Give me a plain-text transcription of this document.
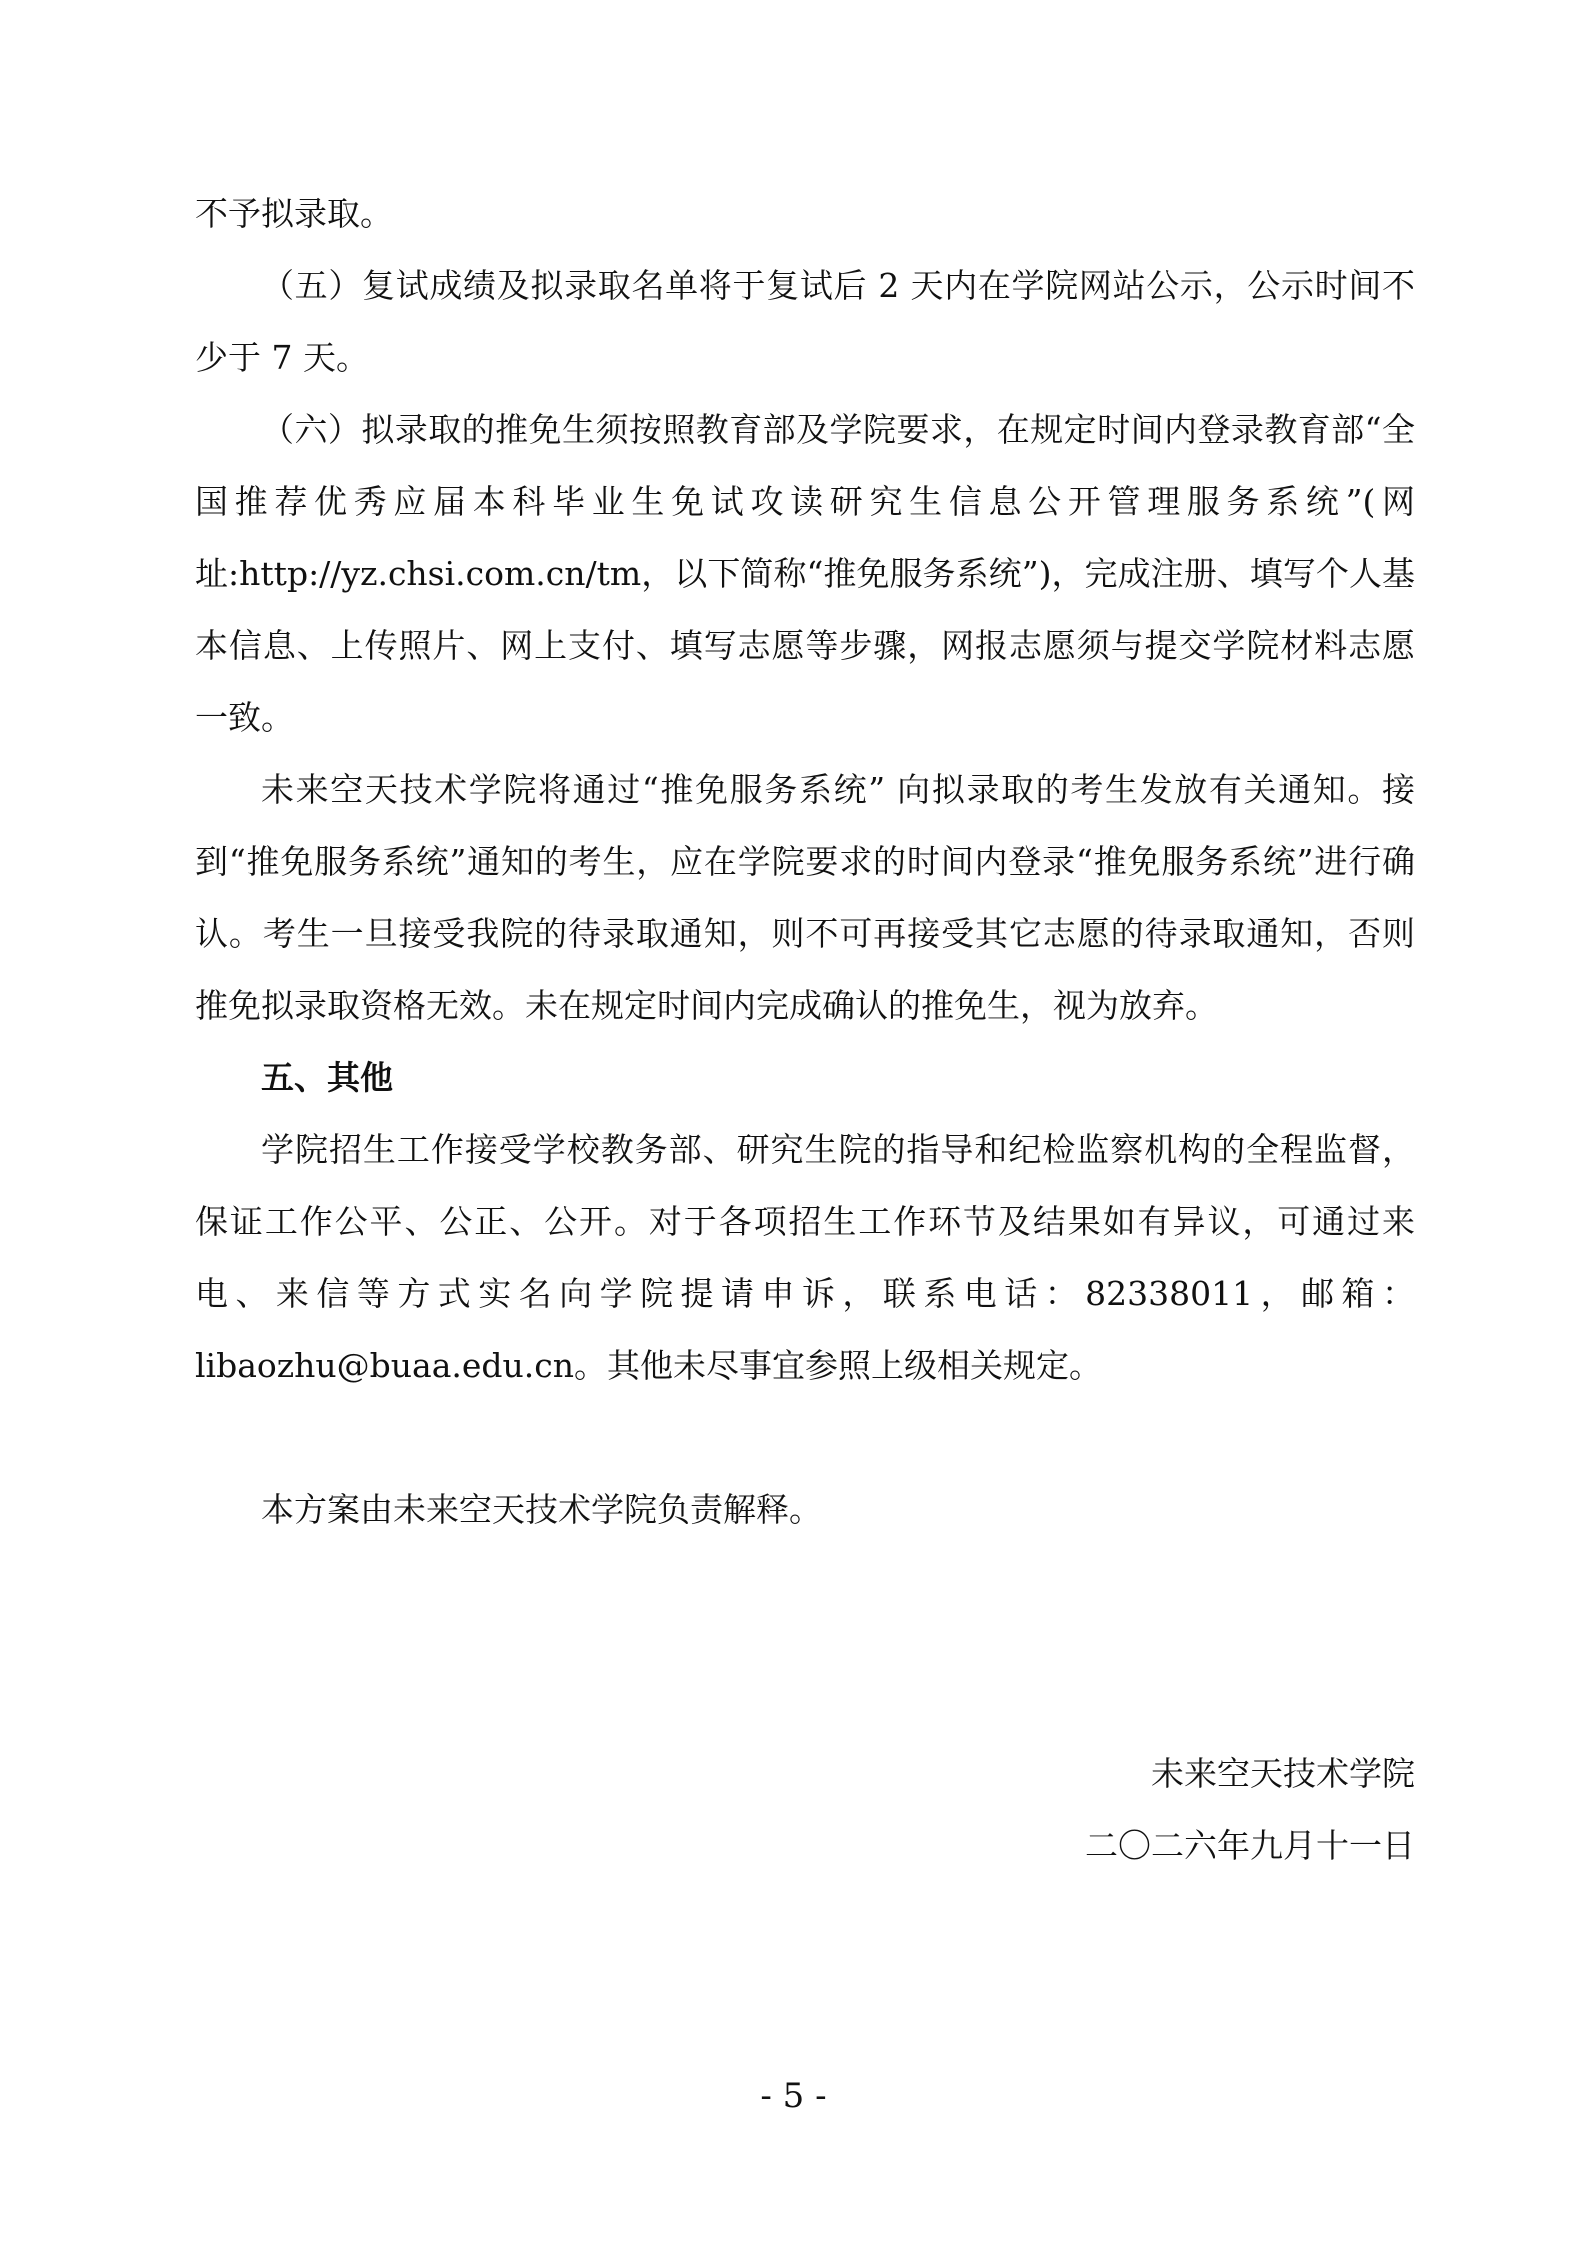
不予拟录取。

（五）复试成绩及拟录取名单将于复试后 2 天内在学院网站公示，公示时间不少于 7 天。

（六）拟录取的推免生须按照教育部及学院要求，在规定时间内登录教育部“全国推荐优秀应届本科毕业生免试攻读研究生信息公开管理服务系统”(网址:http://yz.chsi.com.cn/tm，以下简称“推免服务系统”)，完成注册、填写个人基本信息、上传照片、网上支付、填写志愿等步骤，网报志愿须与提交学院材料志愿一致。

未来空天技术学院将通过“推免服务系统” 向拟录取的考生发放有关通知。接到“推免服务系统”通知的考生，应在学院要求的时间内登录“推免服务系统”进行确认。考生一旦接受我院的待录取通知，则不可再接受其它志愿的待录取通知，否则推免拟录取资格无效。未在规定时间内完成确认的推免生，视为放弃。

五、其他

学院招生工作接受学校教务部、研究生院的指导和纪检监察机构的全程监督，保证工作公平、公正、公开。对于各项招生工作环节及结果如有异议，可通过来电、来信等方式实名向学院提请申诉，联系电话：82338011，邮箱：libaozhu@buaa.edu.cn。其他未尽事宜参照上级相关规定。

本方案由未来空天技术学院负责解释。

未来空天技术学院

二〇二六年九月十一日

- 5 -
